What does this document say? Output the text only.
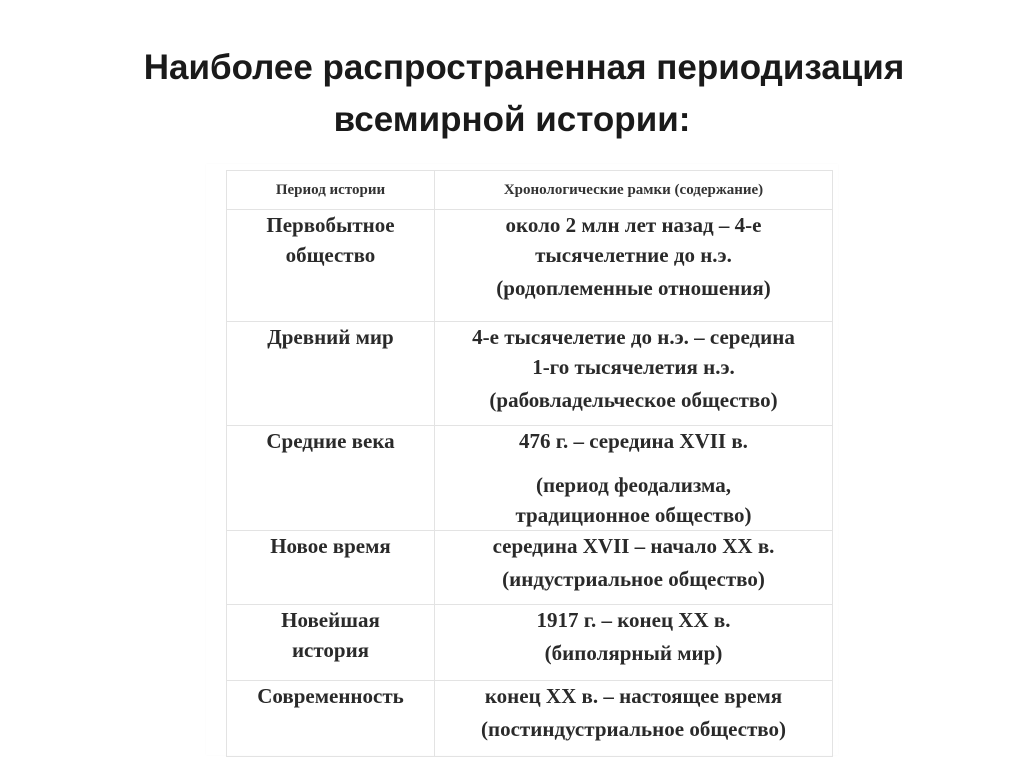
Наиболее распространенная периодизация
всемирной истории:
Период истории	Хронологические рамки (содержание)

Первобытное
общество	около 2 млн лет назад – 4-е
тысячелетние до н.э.
(родоплеменные отношения)

Древний мир	4-е тысячелетие до н.э. – середина
1-го тысячелетия н.э.
(рабовладельческое общество)

Средние века	476 г. – середина XVII в.
(период феодализма,
традиционное общество)

Новое время	середина XVII – начало XX в.
(индустриальное общество)

Новейшая
история	1917 г. – конец XX в.
(биполярный мир)

Современность	конец XX в. – настоящее время
(постиндустриальное общество)
